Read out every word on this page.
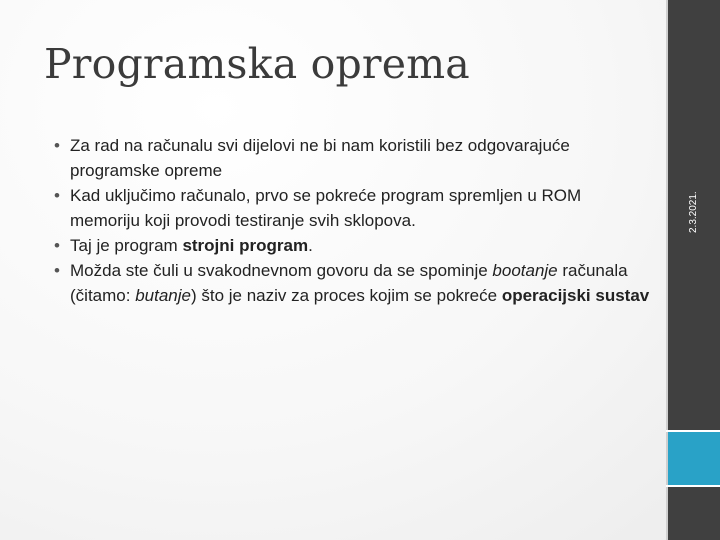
Programska oprema
• Za rad na računalu svi dijelovi ne bi nam koristili bez odgovarajuće programske opreme
• Kad uključimo računalo, prvo se pokreće program spremljen u ROM memoriju koji provodi testiranje svih sklopova.
• Taj je program strojni program.
• Možda ste čuli u svakodnevnom govoru da se spominje bootanje računala (čitamo: butanje) što je naziv za proces kojim se pokreće operacijski sustav
2.3.2021.
